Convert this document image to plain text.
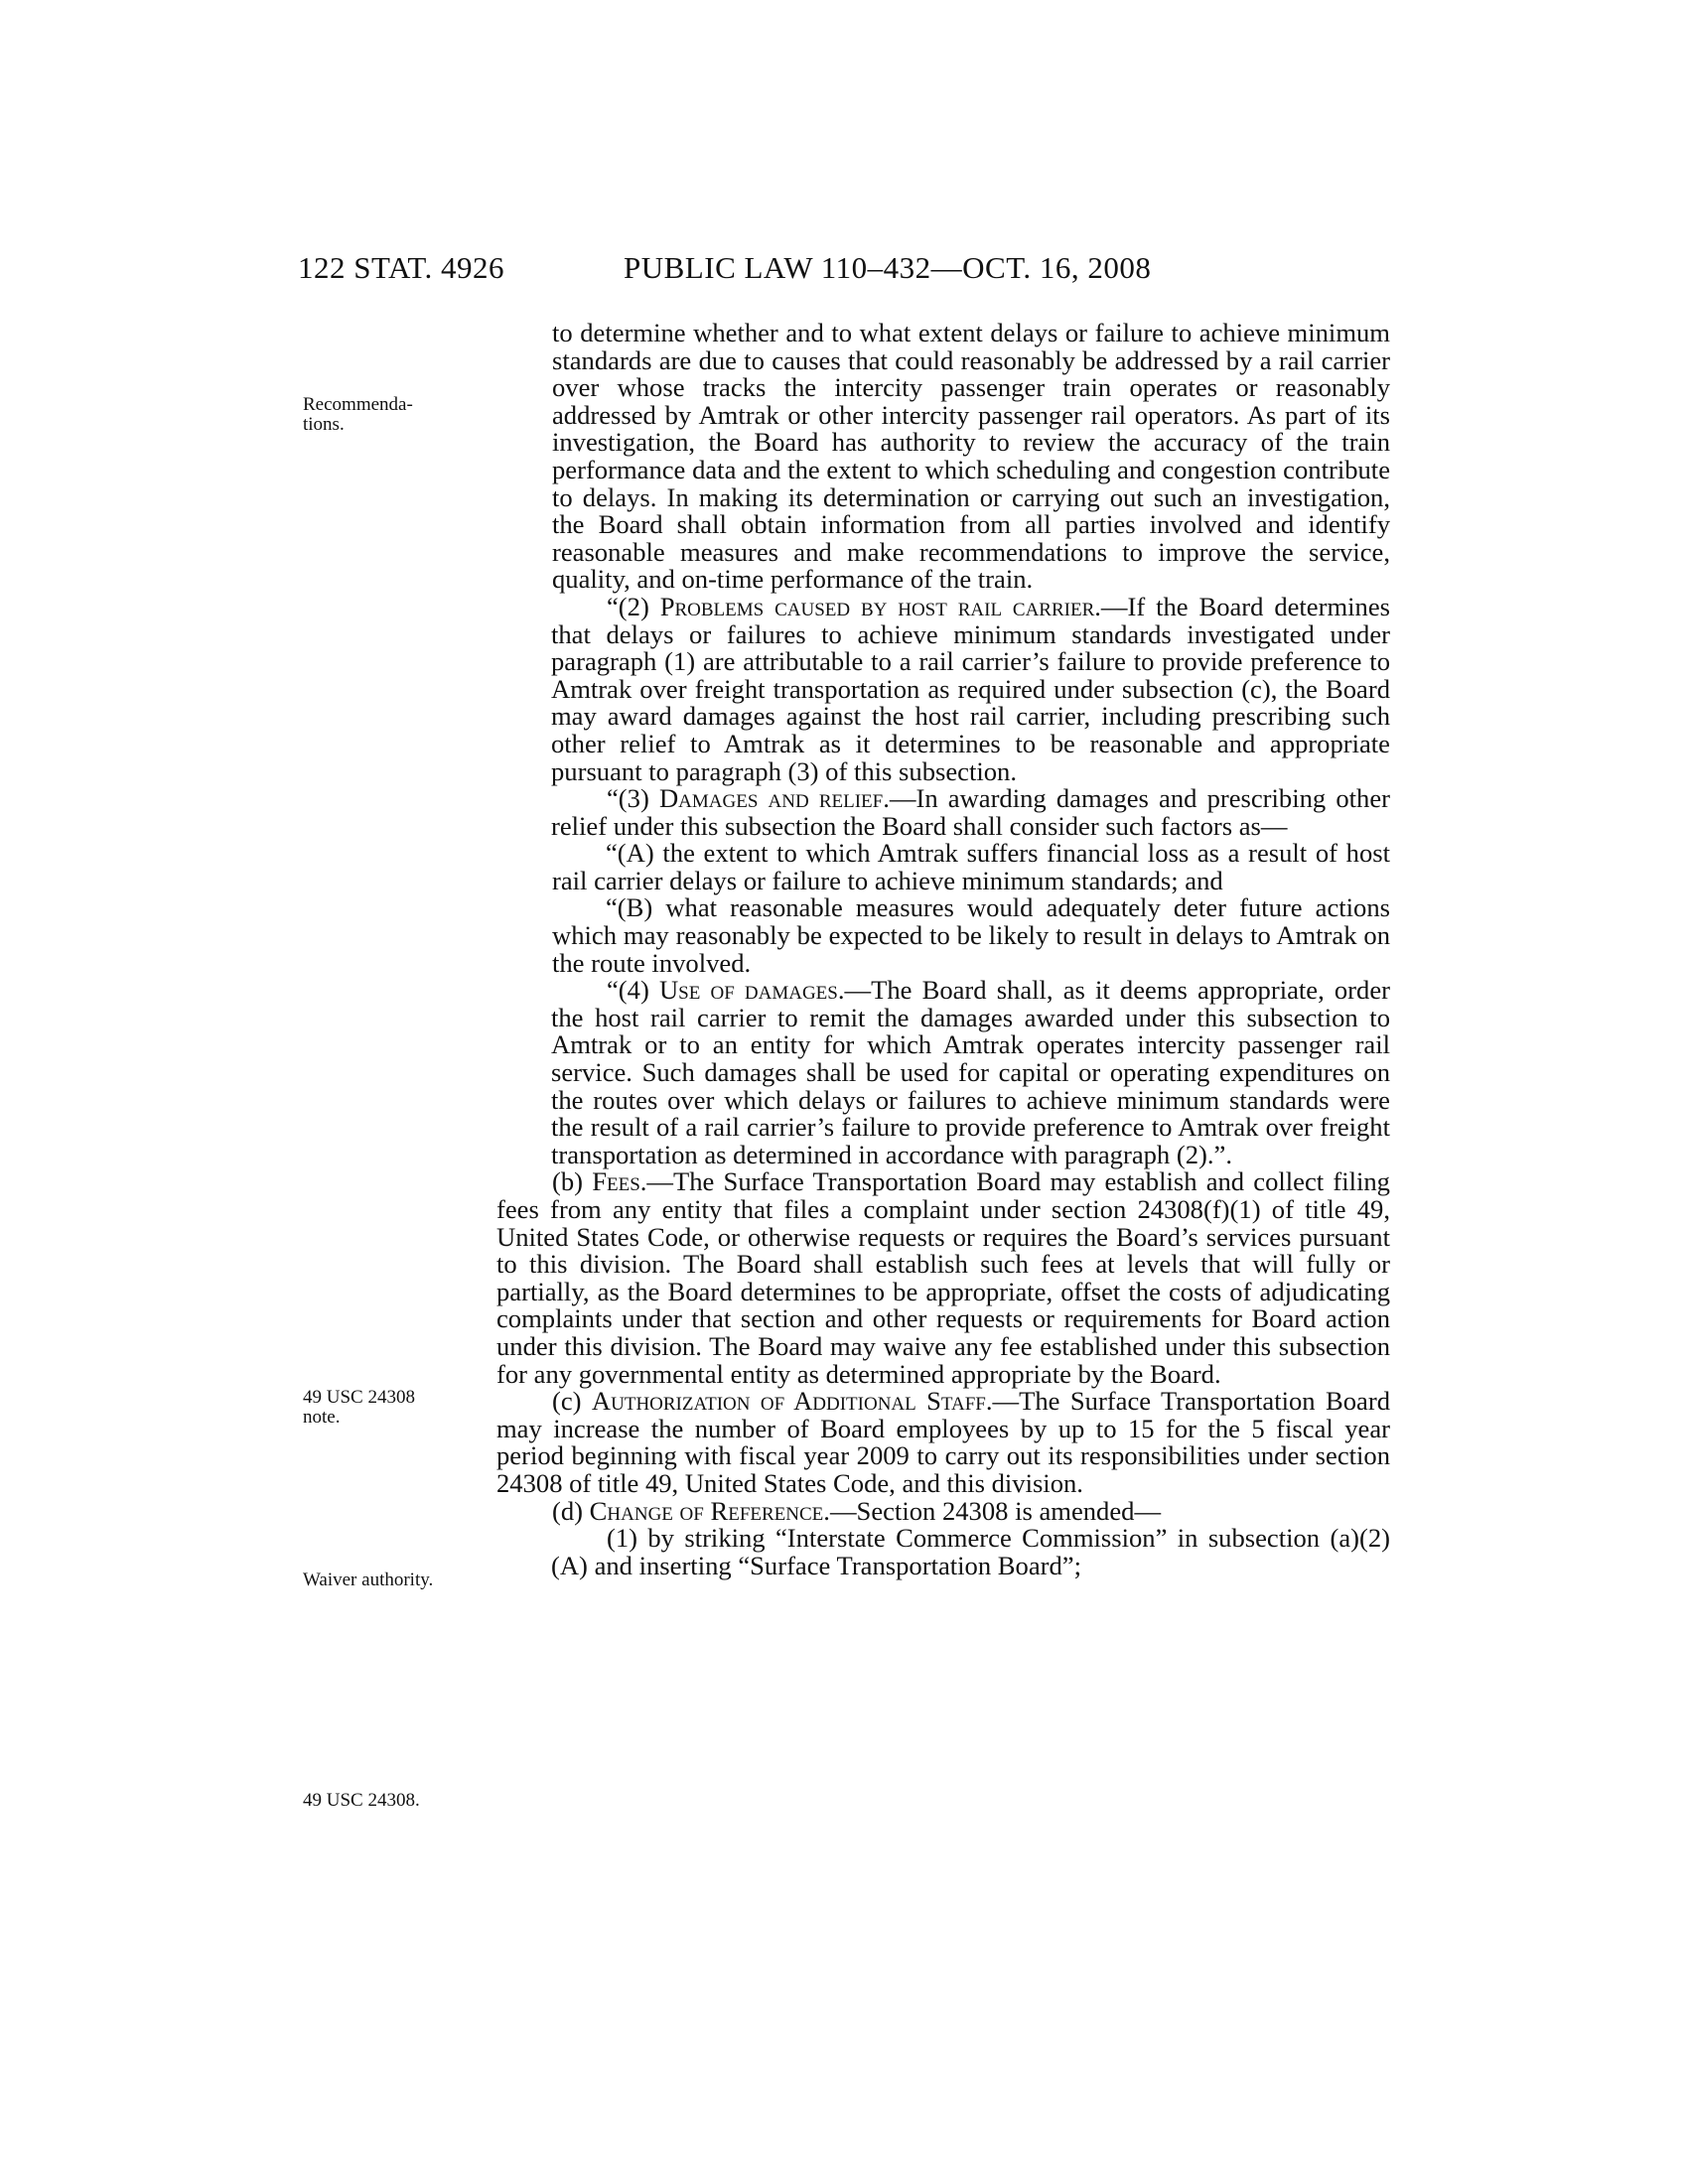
122 STAT. 4926	PUBLIC LAW 110–432—OCT. 16, 2008
Recommenda-
tions.
49 USC 24308
note.
Waiver authority.
49 USC 24308.

to determine whether and to what extent delays or failure to achieve minimum standards are due to causes that could reasonably be addressed by a rail carrier over whose tracks the intercity passenger train operates or reasonably addressed by Amtrak or other intercity passenger rail operators. As part of its investigation, the Board has authority to review the accuracy of the train performance data and the extent to which scheduling and congestion contribute to delays. In making its determination or carrying out such an investigation, the Board shall obtain information from all parties involved and identify reasonable measures and make recommendations to improve the service, quality, and on-time performance of the train.

“(2) Problems caused by host rail carrier.—If the Board determines that delays or failures to achieve minimum standards investigated under paragraph (1) are attributable to a rail carrier’s failure to provide preference to Amtrak over freight transportation as required under subsection (c), the Board may award damages against the host rail carrier, including prescribing such other relief to Amtrak as it determines to be reasonable and appropriate pursuant to paragraph (3) of this subsection.

“(3) Damages and relief.—In awarding damages and prescribing other relief under this subsection the Board shall consider such factors as—

“(A) the extent to which Amtrak suffers financial loss as a result of host rail carrier delays or failure to achieve minimum standards; and

“(B) what reasonable measures would adequately deter future actions which may reasonably be expected to be likely to result in delays to Amtrak on the route involved.

“(4) Use of damages.—The Board shall, as it deems appropriate, order the host rail carrier to remit the damages awarded under this subsection to Amtrak or to an entity for which Amtrak operates intercity passenger rail service. Such damages shall be used for capital or operating expenditures on the routes over which delays or failures to achieve minimum standards were the result of a rail carrier’s failure to provide preference to Amtrak over freight transportation as determined in accordance with paragraph (2).”.

(b) Fees.—The Surface Transportation Board may establish and collect filing fees from any entity that files a complaint under section 24308(f)(1) of title 49, United States Code, or otherwise requests or requires the Board’s services pursuant to this division. The Board shall establish such fees at levels that will fully or partially, as the Board determines to be appropriate, offset the costs of adjudicating complaints under that section and other requests or requirements for Board action under this division. The Board may waive any fee established under this subsection for any governmental entity as determined appropriate by the Board.

(c) Authorization of Additional Staff.—The Surface Transportation Board may increase the number of Board employees by up to 15 for the 5 fiscal year period beginning with fiscal year 2009 to carry out its responsibilities under section 24308 of title 49, United States Code, and this division.

(d) Change of Reference.—Section 24308 is amended—

(1) by striking “Interstate Commerce Commission” in subsection (a)(2)(A) and inserting “Surface Transportation Board”;
